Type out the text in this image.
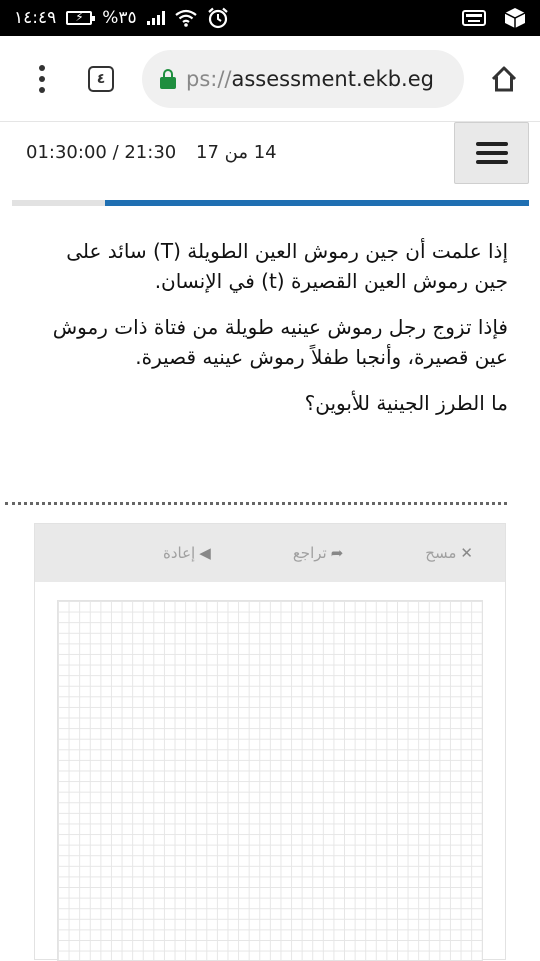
١٤:٤٩ ⚡ %٣٥
٤	ps://assessment.ekb.eg
01:30:00 / 21:30 14 من 17

إذا علمت أن جين رموش العين الطويلة (T) سائد على جين رموش العين القصيرة (t) في الإنسان.

فإذا تزوج رجل رموش عينيه طويلة من فتاة ذات رموش عين قصيرة، وأنجبا طفلاً رموش عينيه قصيرة.

ما الطرز الجينية للأبوين؟

إعادة ◀	تراجع ➦	مسح ✕
